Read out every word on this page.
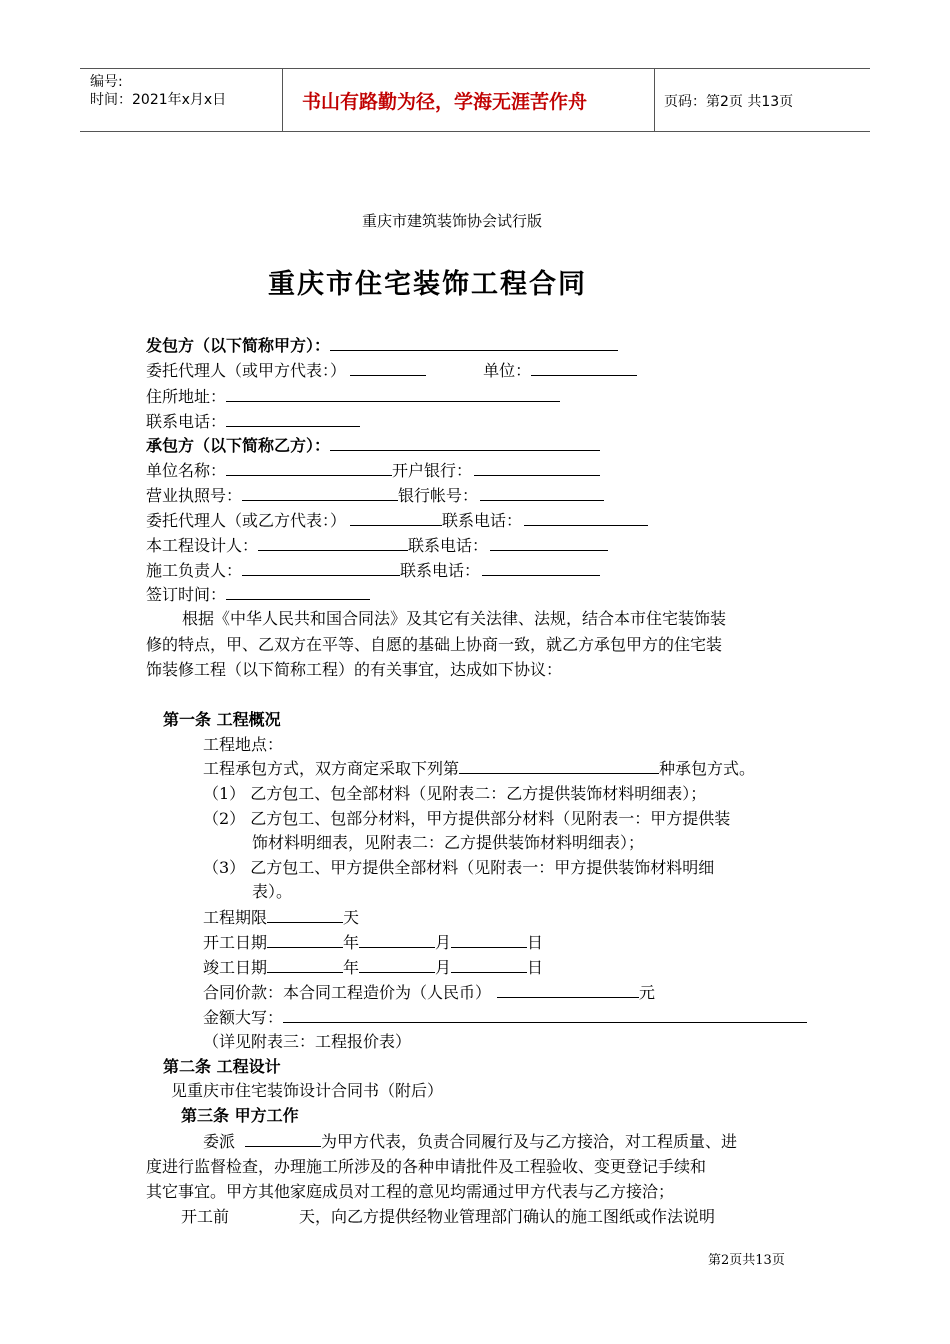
编号:
时间：2021年x月x日	书山有路勤为径，学海无涯苦作舟	页码：第2页 共13页
重庆市建筑装饰协会试行版
重庆市住宅装饰工程合同
发包方（以下简称甲方）：
委托代理人（或甲方代表：）	单位：
住所地址：
联系电话：
承包方（以下简称乙方）：
单位名称：	开户银行：
营业执照号：	银行帐号：
委托代理人（或乙方代表：）	联系电话：
本工程设计人：	联系电话：
施工负责人：	联系电话：
签订时间：
根据《中华人民共和国合同法》及其它有关法律、法规，结合本市住宅装饰装
修的特点，甲、乙双方在平等、自愿的基础上协商一致，就乙方承包甲方的住宅装
饰装修工程（以下简称工程）的有关事宜，达成如下协议：
第一条 工程概况
工程地点：
工程承包方式，双方商定采取下列第	种承包方式。
（1） 乙方包工、包全部材料（见附表二：乙方提供装饰材料明细表）；
（2） 乙方包工、包部分材料，甲方提供部分材料（见附表一：甲方提供装
饰材料明细表，见附表二：乙方提供装饰材料明细表）；
（3） 乙方包工、甲方提供全部材料（见附表一：甲方提供装饰材料明细
表）。
工程期限	天
开工日期	年	月	日
竣工日期	年	月	日
合同价款：本合同工程造价为（人民币）	元
金额大写：
（详见附表三：工程报价表）
第二条 工程设计
见重庆市住宅装饰设计合同书（附后）
第三条 甲方工作
委派	为甲方代表，负责合同履行及与乙方接洽，对工程质量、进
度进行监督检查，办理施工所涉及的各种申请批件及工程验收、变更登记手续和
其它事宜。甲方其他家庭成员对工程的意见均需通过甲方代表与乙方接洽；
开工前	天，向乙方提供经物业管理部门确认的施工图纸或作法说明
第2页共13页
